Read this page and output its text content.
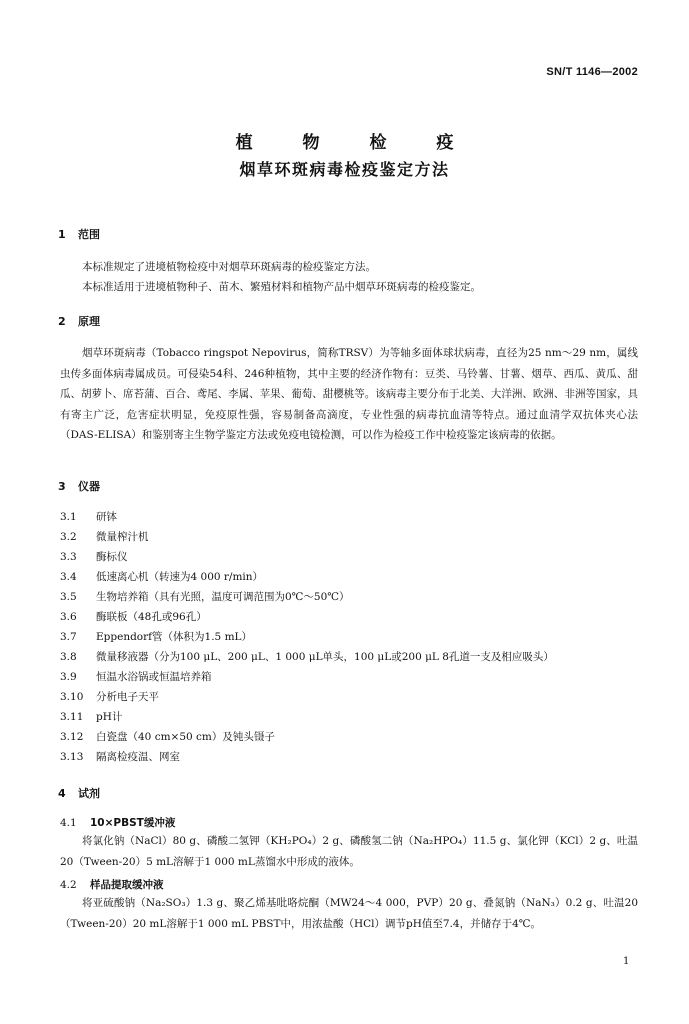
SN/T 1146—2002
植 物 检 疫
烟草环斑病毒检疫鉴定方法
1 范围
本标准规定了进境植物检疫中对烟草环斑病毒的检疫鉴定方法。
本标准适用于进境植物种子、苗木、繁殖材料和植物产品中烟草环斑病毒的检疫鉴定。
2 原理
烟草环斑病毒（Tobacco ringspot Nepovirus，简称TRSV）为等轴多面体球状病毒，直径为25 nm～29 nm，属线虫传多面体病毒属成员。可侵染54科、246种植物，其中主要的经济作物有：豆类、马铃薯、甘薯、烟草、西瓜、黄瓜、甜瓜、胡萝卜、席苔蒲、百合、鸢尾、李属、苹果、葡萄、甜樱桃等。该病毒主要分布于北美、大洋洲、欧洲、非洲等国家，具有寄主广泛，危害症状明显，免疫原性强，容易制备高滴度，专业性强的病毒抗血清等特点。通过血清学双抗体夹心法（DAS-ELISA）和鉴别寄主生物学鉴定方法或免疫电镜检测，可以作为检疫工作中检疫鉴定该病毒的依据。
3 仪器
3.1 研钵
3.2 微量榨汁机
3.3 酶标仪
3.4 低速离心机（转速为4 000 r/min）
3.5 生物培养箱（具有光照，温度可调范围为0℃～50℃）
3.6 酶联板（48孔或96孔）
3.7 Eppendorf管（体积为1.5 mL）
3.8 微量移液器（分为100 μL、200 μL、1 000 μL单头，100 μL或200 μL 8孔道一支及相应吸头）
3.9 恒温水浴锅或恒温培养箱
3.10 分析电子天平
3.11 pH计
3.12 白瓷盘（40 cm×50 cm）及钝头镊子
3.13 隔离检疫温、网室
4 试剂
4.1 10×PBST缓冲液
将氯化钠（NaCl）80 g、磷酸二氢钾（KH₂PO₄）2 g、磷酸氢二钠（Na₂HPO₄）11.5 g、氯化钾（KCl）2 g、吐温20（Tween-20）5 mL溶解于1 000 mL蒸馏水中形成的液体。
4.2 样品提取缓冲液
将亚硫酸钠（Na₂SO₃）1.3 g、聚乙烯基吡咯烷酮（MW24～4 000，PVP）20 g、叠氮钠（NaN₃）0.2 g、吐温20（Tween-20）20 mL溶解于1 000 mL PBST中，用浓盐酸（HCl）调节pH值至7.4，并储存于4℃。
1
